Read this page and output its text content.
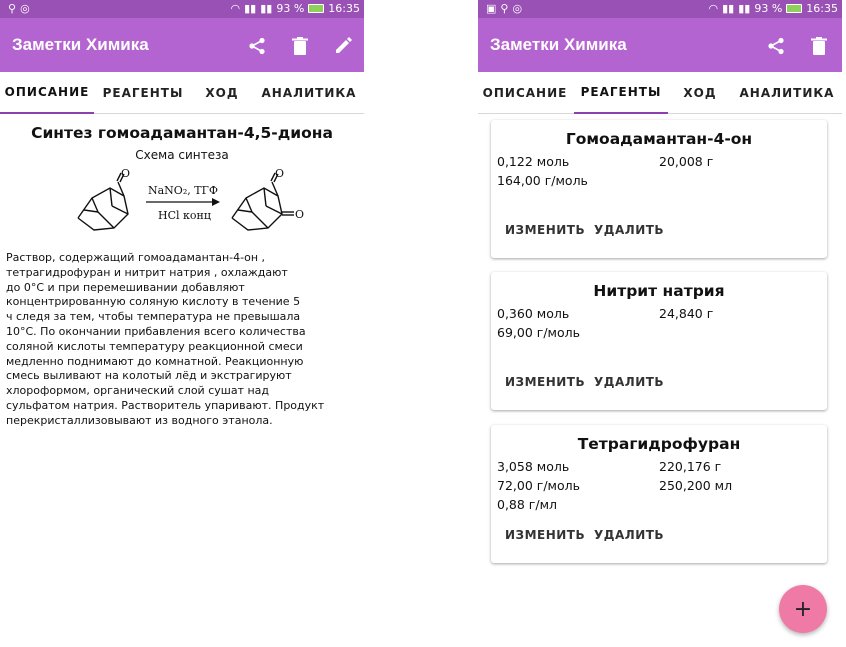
⚲ ◎	◠ ▮▮ ▮▮ 93 % 16:35
Заметки Химика
ОПИСАНИЕ	РЕАГЕНТЫ	ХОД	АНАЛИТИКА
Синтез гомоадамантан-4,5-диона
Схема синтеза
O
NaNO₂, ТГФ
HCl конц
O
O
Раствор, содержащий гомоадамантан-4-он ,
тетрагидрофуран и нитрит натрия , охлаждают
до 0°С и при перемешивании добавляют
концентрированную соляную кислоту в течение 5
ч следя за тем, чтобы температура не превышала
10°С. По окончании прибавления всего количества
соляной кислоты температуру реакционной смеси
медленно поднимают до комнатной. Реакционную
смесь выливают на колотый лёд и экстрагируют
хлороформом, органический слой сушат над
сульфатом натрия. Растворитель упаривают. Продукт
перекристаллизовывают из водного этанола.
▣ ⚲ ◎	◠ ▮▮ ▮▮ 93 % 16:35
Заметки Химика
ОПИСАНИЕ	РЕАГЕНТЫ	ХОД	АНАЛИТИКА
Гомоадамантан-4-он
0,122 моль	20,008 г
164,00 г/моль
ИЗМЕНИТЬ УДАЛИТЬ
Нитрит натрия
0,360 моль	24,840 г
69,00 г/моль
ИЗМЕНИТЬ УДАЛИТЬ
Тетрагидрофуран
3,058 моль	220,176 г
72,00 г/моль	250,200 мл
0,88 г/мл
ИЗМЕНИТЬ УДАЛИТЬ
+
